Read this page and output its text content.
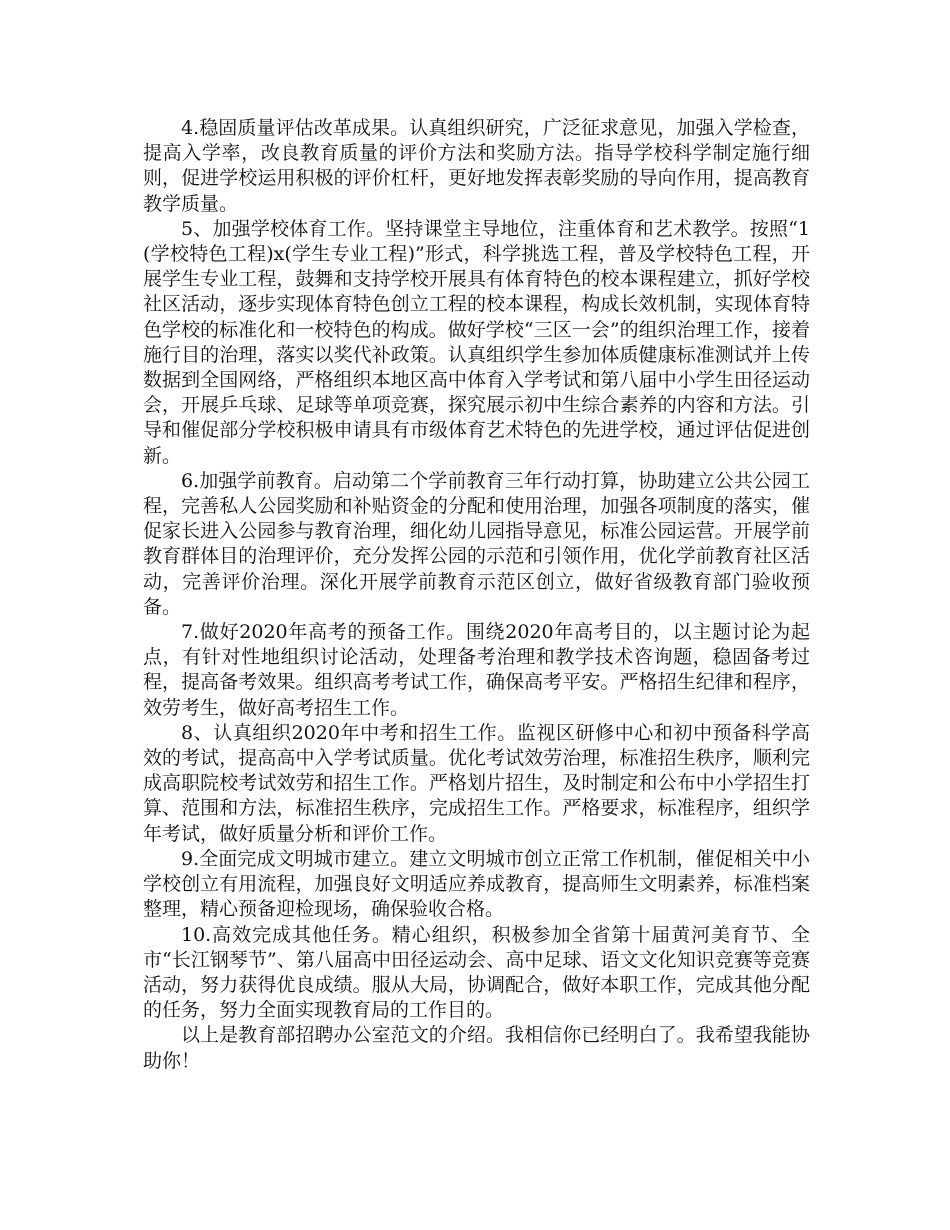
4.稳固质量评估改革成果。认真组织研究，广泛征求意见，加强入学检查，提高入学率，改良教育质量的评价方法和奖励方法。指导学校科学制定施行细则，促进学校运用积极的评价杠杆，更好地发挥表彰奖励的导向作用，提高教育教学质量。

5、加强学校体育工作。坚持课堂主导地位，注重体育和艺术教学。按照“1(学校特色工程)x(学生专业工程)”形式，科学挑选工程，普及学校特色工程，开展学生专业工程，鼓舞和支持学校开展具有体育特色的校本课程建立，抓好学校社区活动，逐步实现体育特色创立工程的校本课程，构成长效机制，实现体育特色学校的标准化和一校特色的构成。做好学校“三区一会”的组织治理工作，接着施行目的治理，落实以奖代补政策。认真组织学生参加体质健康标准测试并上传数据到全国网络，严格组织本地区高中体育入学考试和第八届中小学生田径运动会，开展乒乓球、足球等单项竞赛，探究展示初中生综合素养的内容和方法。引导和催促部分学校积极申请具有市级体育艺术特色的先进学校，通过评估促进创新。

6.加强学前教育。启动第二个学前教育三年行动打算，协助建立公共公园工程，完善私人公园奖励和补贴资金的分配和使用治理，加强各项制度的落实，催促家长进入公园参与教育治理，细化幼儿园指导意见，标准公园运营。开展学前教育群体目的治理评价，充分发挥公园的示范和引领作用，优化学前教育社区活动，完善评价治理。深化开展学前教育示范区创立，做好省级教育部门验收预备。

7.做好2020年高考的预备工作。围绕2020年高考目的，以主题讨论为起点，有针对性地组织讨论活动，处理备考治理和教学技术咨询题，稳固备考过程，提高备考效果。组织高考考试工作，确保高考平安。严格招生纪律和程序，效劳考生，做好高考招生工作。

8、认真组织2020年中考和招生工作。监视区研修中心和初中预备科学高效的考试，提高高中入学考试质量。优化考试效劳治理，标准招生秩序，顺利完成高职院校考试效劳和招生工作。严格划片招生，及时制定和公布中小学招生打算、范围和方法，标准招生秩序，完成招生工作。严格要求，标准程序，组织学年考试，做好质量分析和评价工作。

9.全面完成文明城市建立。建立文明城市创立正常工作机制，催促相关中小学校创立有用流程，加强良好文明适应养成教育，提高师生文明素养，标准档案整理，精心预备迎检现场，确保验收合格。

10.高效完成其他任务。精心组织，积极参加全省第十届黄河美育节、全市“长江钢琴节”、第八届高中田径运动会、高中足球、语文文化知识竞赛等竞赛活动，努力获得优良成绩。服从大局，协调配合，做好本职工作，完成其他分配的任务，努力全面实现教育局的工作目的。

以上是教育部招聘办公室范文的介绍。我相信你已经明白了。我希望我能协助你！
